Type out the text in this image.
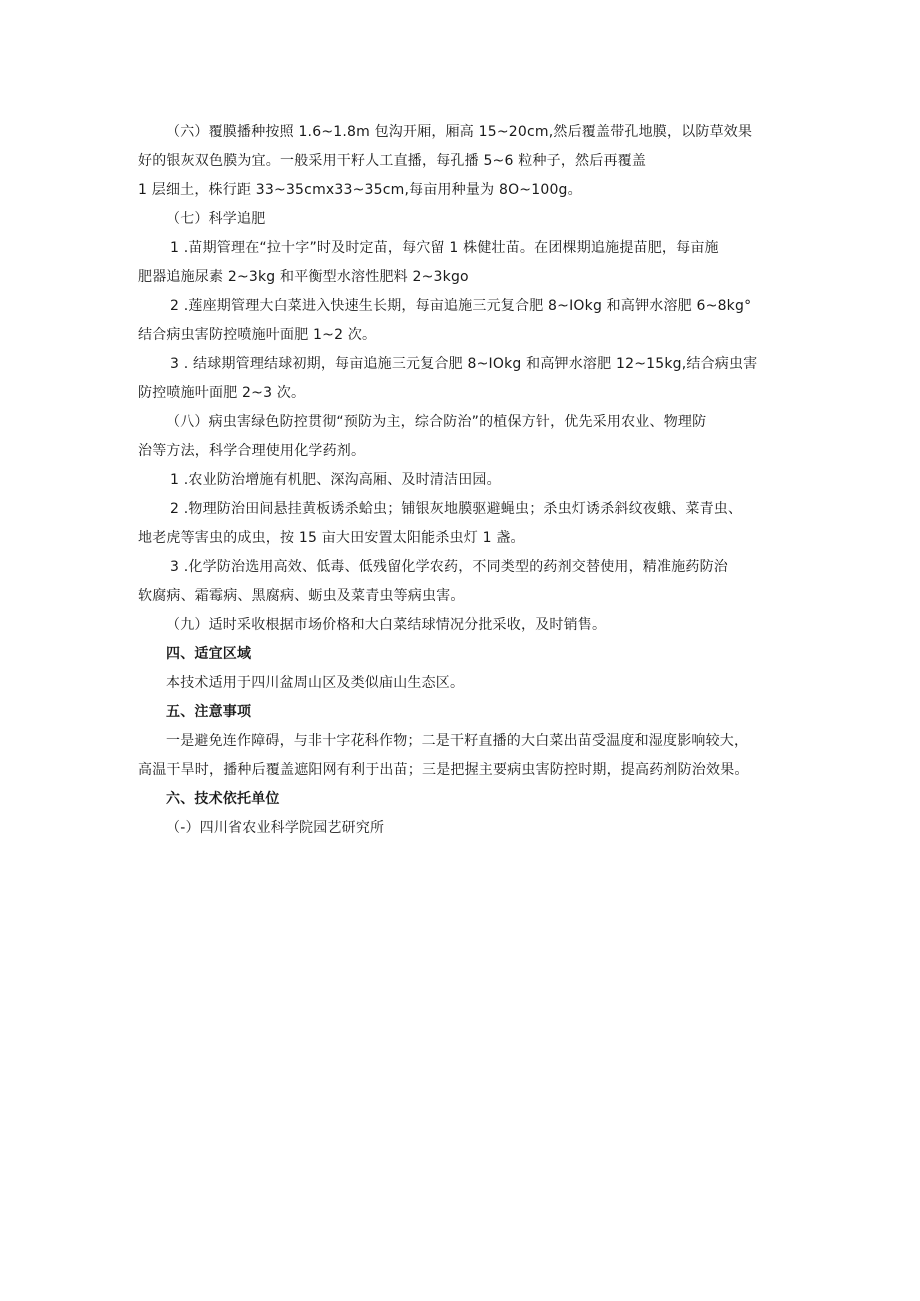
（六）覆膜播种按照 1.6~1.8m 包沟开厢，厢高 15~20cm,然后覆盖带孔地膜，以防草效果
好的银灰双色膜为宜。一般采用干籽人工直播，每孔播 5~6 粒种子，然后再覆盖
1 层细土，株行距 33~35cmx33~35cm,每亩用种量为 8O~100g。
（七）科学追肥
1 .苗期管理在“拉十字”时及时定苗，每穴留 1 株健壮苗。在团棵期追施提苗肥，每亩施
肥器追施尿素 2~3kg 和平衡型水溶性肥料 2~3kgo
2 .莲座期管理大白菜进入快速生长期，每亩追施三元复合肥 8~IOkg 和高钾水溶肥 6~8kg°
结合病虫害防控喷施叶面肥 1~2 次。
3 . 结球期管理结球初期，每亩追施三元复合肥 8~IOkg 和高钾水溶肥 12~15kg,结合病虫害
防控喷施叶面肥 2~3 次。
（八）病虫害绿色防控贯彻“预防为主，综合防治”的植保方针，优先采用农业、物理防
治等方法，科学合理使用化学药剂。
1 .农业防治增施有机肥、深沟高厢、及时清洁田园。
2 .物理防治田间悬挂黄板诱杀蛤虫；铺银灰地膜驱避蝇虫；杀虫灯诱杀斜纹夜蛾、菜青虫、
地老虎等害虫的成虫，按 15 亩大田安置太阳能杀虫灯 1 盏。
3 .化学防治选用高效、低毒、低残留化学农药，不同类型的药剂交替使用，精准施药防治
软腐病、霜霉病、黑腐病、蛎虫及菜青虫等病虫害。
（九）适时采收根据市场价格和大白菜结球情况分批采收，及时销售。
四、适宜区域
本技术适用于四川盆周山区及类似庙山生态区。
五、注意事项
一是避免连作障碍，与非十字花科作物；二是干籽直播的大白菜出苗受温度和湿度影响较大，
高温干旱时，播种后覆盖遮阳网有利于出苗；三是把握主要病虫害防控时期，提高药剂防治效果。
六、技术依托单位
（-）四川省农业科学院园艺研究所
